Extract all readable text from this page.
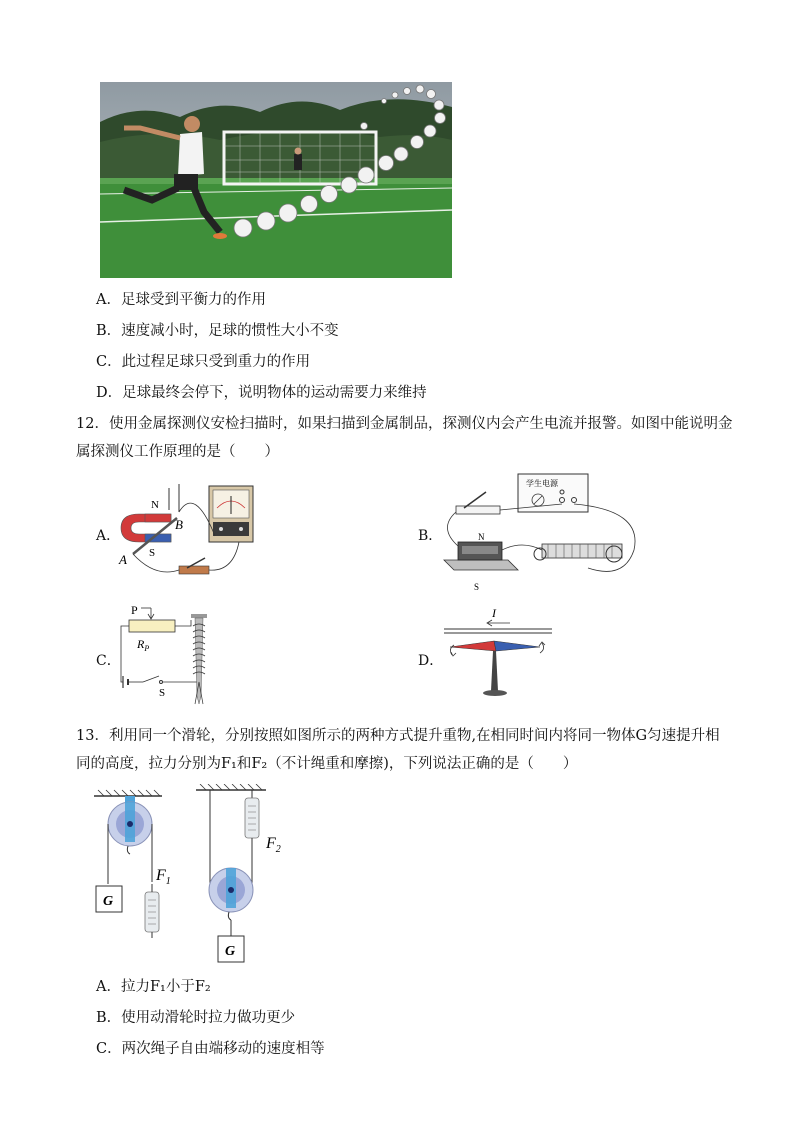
A．足球受到平衡力的作用
B．速度减小时，足球的惯性大小不变
C．此过程足球只受到重力的作用
D．足球最终会停下，说明物体的运动需要力来维持
12．使用金属探测仪安检扫描时，如果扫描到金属制品，探测仪内会产生电流并报警。如图中能说明金
属探测仪工作原理的是（　　）
A．
N
S
A
B
B．
学生电源
N
S
C．
P
$R_P$
S
D．
I
13．利用同一个滑轮，分别按照如图所示的两种方式提升重物,在相同时间内将同一物体G匀速提升相
同的高度，拉力分别为F₁和F₂（不计绳重和摩擦)，下列说法正确的是（　　）
G
$F_1$
$F_2$
G
A．拉力F₁小于F₂
B．使用动滑轮时拉力做功更少
C．两次绳子自由端移动的速度相等
